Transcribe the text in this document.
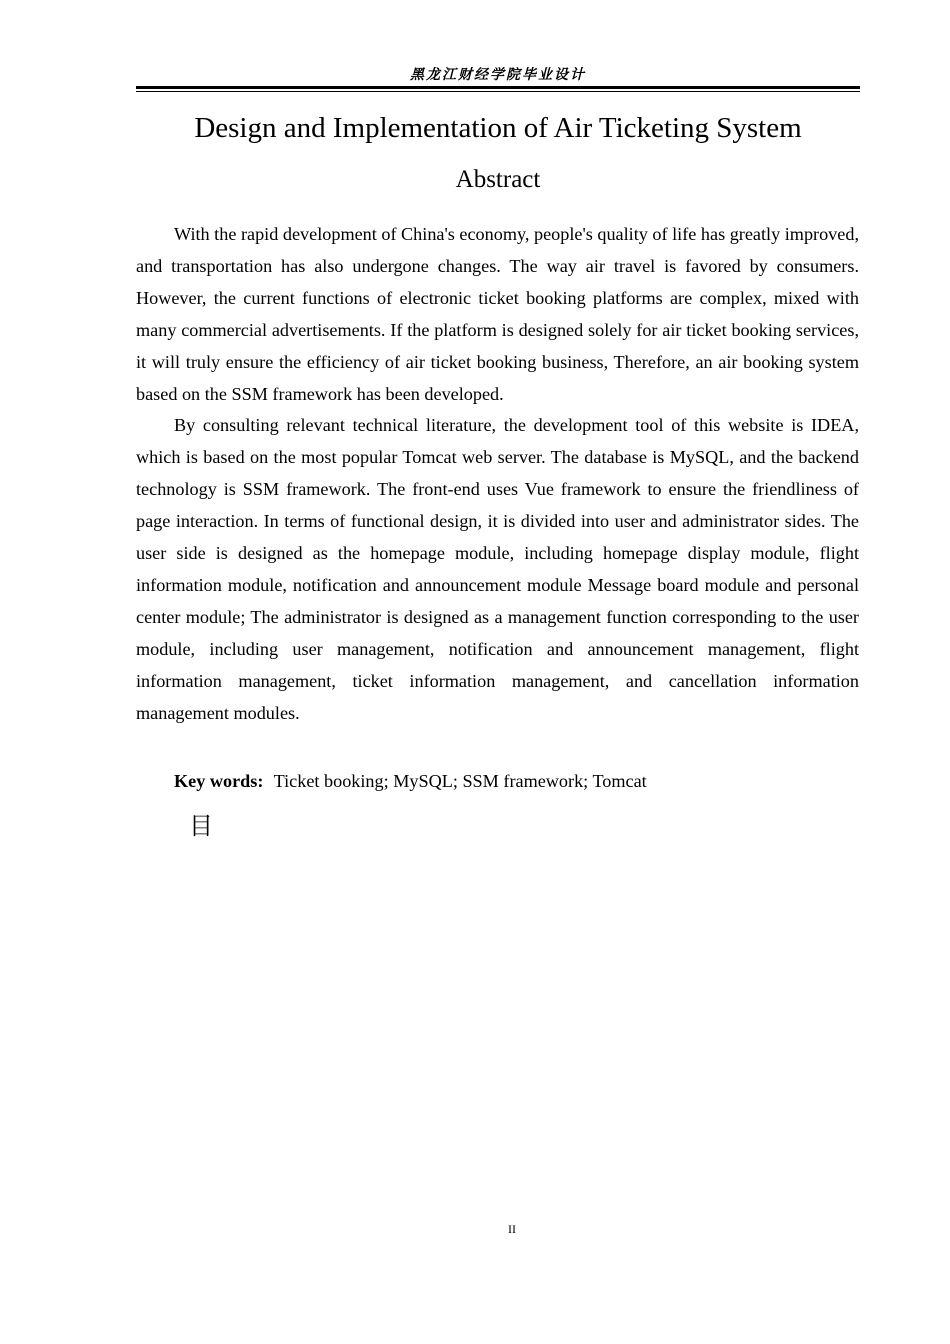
黑龙江财经学院毕业设计
Design and Implementation of Air Ticketing System
Abstract

With the rapid development of China's economy, people's quality of life has greatly improved, and transportation has also undergone changes. The way air travel is favored by consumers. However, the current functions of electronic ticket booking platforms are complex, mixed with many commercial advertisements. If the platform is designed solely for air ticket booking services, it will truly ensure the efficiency of air ticket booking business, Therefore, an air booking system based on the SSM framework has been developed.

By consulting relevant technical literature, the development tool of this website is IDEA, which is based on the most popular Tomcat web server. The database is MySQL, and the backend technology is SSM framework. The front-end uses Vue framework to ensure the friendliness of page interaction. In terms of functional design, it is divided into user and administrator sides. The user side is designed as the homepage module, including homepage display module, flight information module, notification and announcement module Message board module and personal center module; The administrator is designed as a management function corresponding to the user module, including user management, notification and announcement management, flight information management, ticket information management, and cancellation information management modules.

Key words: Ticket booking; MySQL; SSM framework; Tomcat
目
II
